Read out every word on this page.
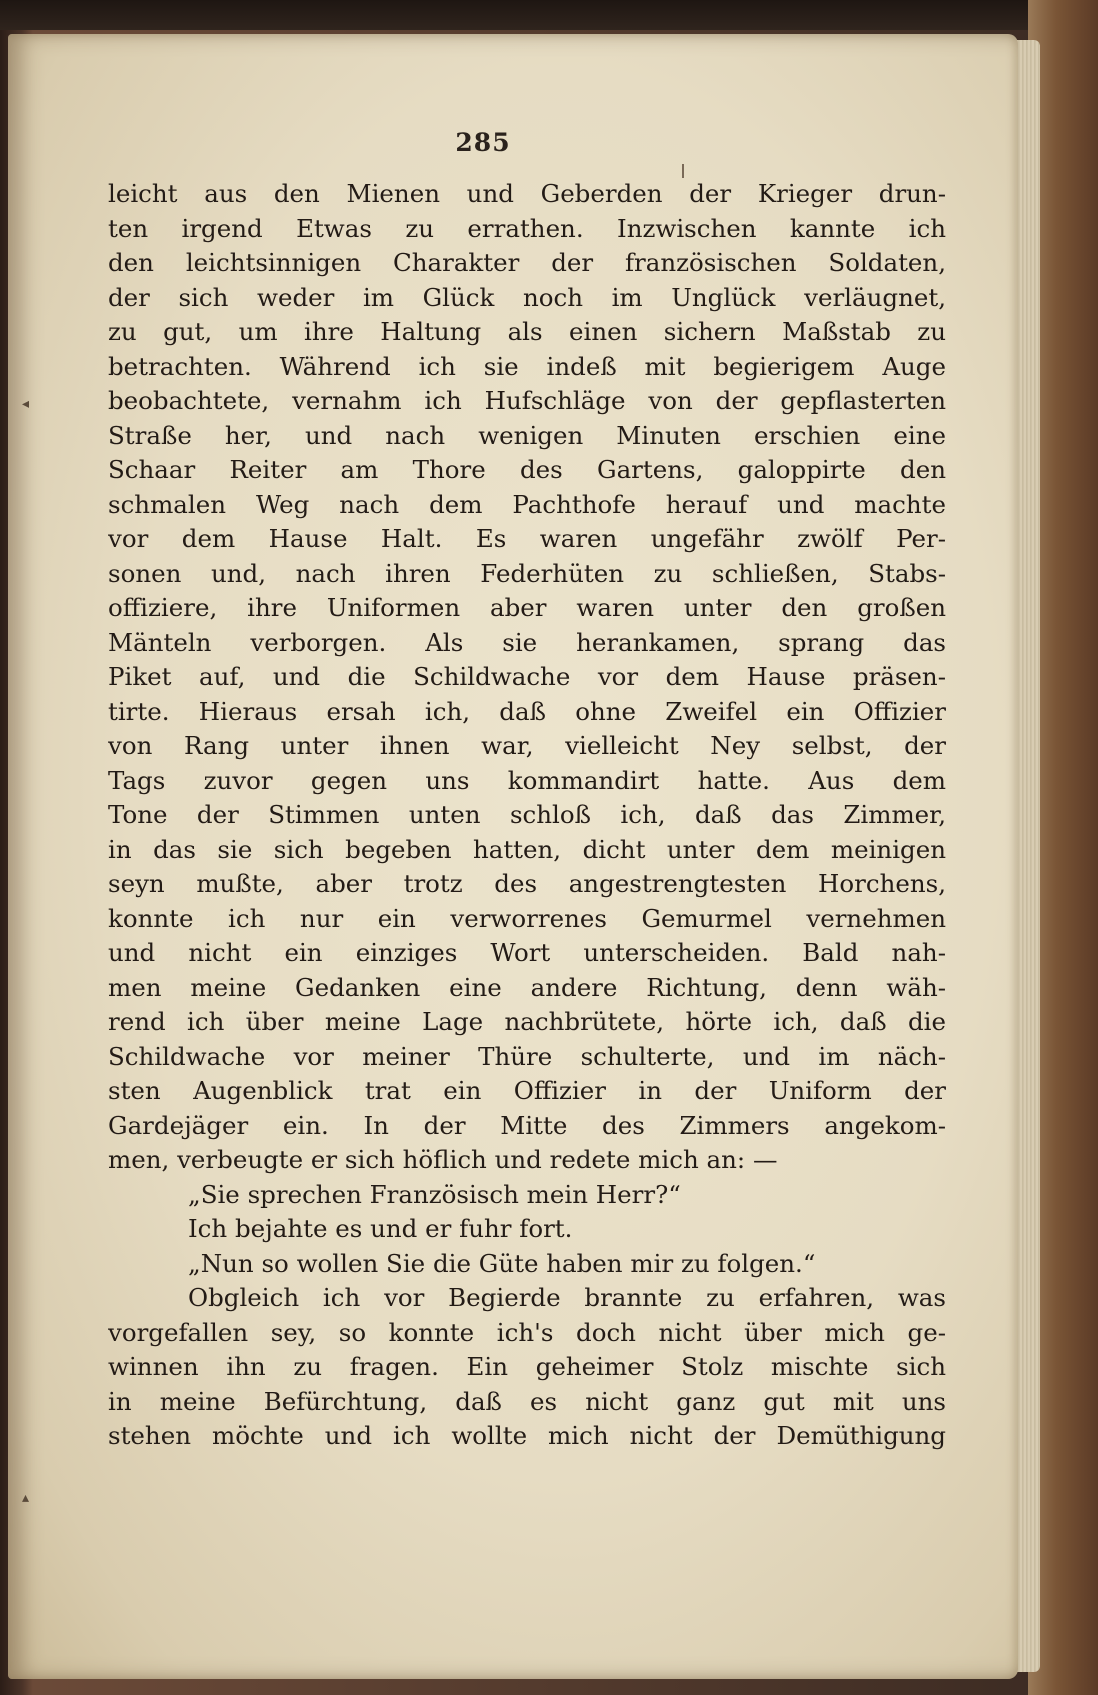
285
◂
▴
leicht aus den Mienen und Geberden der Krieger drun-
ten irgend Etwas zu errathen. Inzwischen kannte ich
den leichtsinnigen Charakter der französischen Soldaten,
der sich weder im Glück noch im Unglück verläugnet,
zu gut, um ihre Haltung als einen sichern Maßstab zu
betrachten. Während ich sie indeß mit begierigem Auge
beobachtete, vernahm ich Hufschläge von der gepflasterten
Straße her, und nach wenigen Minuten erschien eine
Schaar Reiter am Thore des Gartens, galoppirte den
schmalen Weg nach dem Pachthofe herauf und machte
vor dem Hause Halt. Es waren ungefähr zwölf Per-
sonen und, nach ihren Federhüten zu schließen, Stabs-
offiziere, ihre Uniformen aber waren unter den großen
Mänteln verborgen. Als sie herankamen, sprang das
Piket auf, und die Schildwache vor dem Hause präsen-
tirte. Hieraus ersah ich, daß ohne Zweifel ein Offizier
von Rang unter ihnen war, vielleicht Ney selbst, der
Tags zuvor gegen uns kommandirt hatte. Aus dem
Tone der Stimmen unten schloß ich, daß das Zimmer,
in das sie sich begeben hatten, dicht unter dem meinigen
seyn mußte, aber trotz des angestrengtesten Horchens,
konnte ich nur ein verworrenes Gemurmel vernehmen
und nicht ein einziges Wort unterscheiden. Bald nah-
men meine Gedanken eine andere Richtung, denn wäh-
rend ich über meine Lage nachbrütete, hörte ich, daß die
Schildwache vor meiner Thüre schulterte, und im näch-
sten Augenblick trat ein Offizier in der Uniform der
Gardejäger ein. In der Mitte des Zimmers angekom-
men, verbeugte er sich höflich und redete mich an: —
„Sie sprechen Französisch mein Herr?“
Ich bejahte es und er fuhr fort.
„Nun so wollen Sie die Güte haben mir zu folgen.“
Obgleich ich vor Begierde brannte zu erfahren, was
vorgefallen sey, so konnte ich's doch nicht über mich ge-
winnen ihn zu fragen. Ein geheimer Stolz mischte sich
in meine Befürchtung, daß es nicht ganz gut mit uns
stehen möchte und ich wollte mich nicht der Demüthigung
